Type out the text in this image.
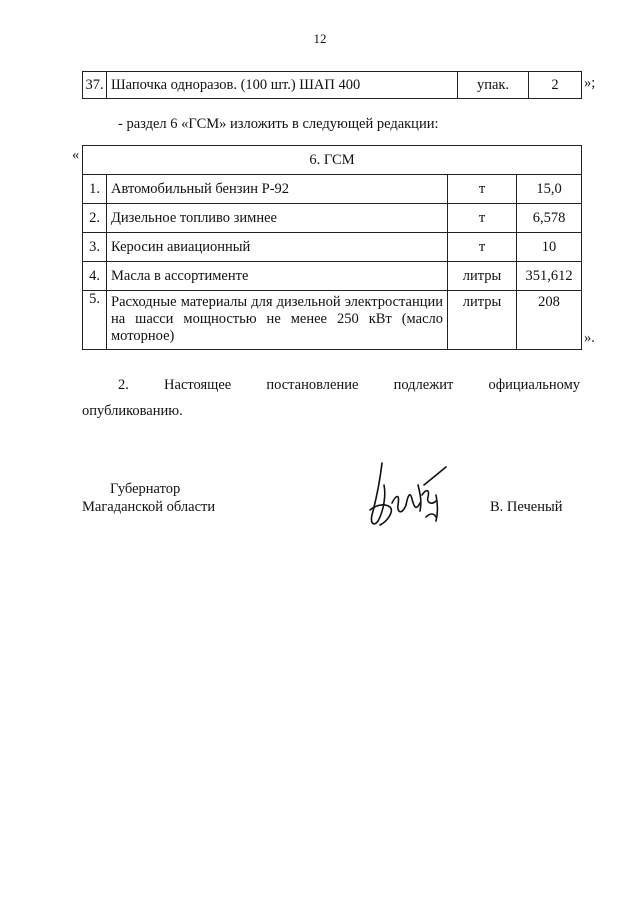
12
37.	Шапочка одноразов. (100 шт.) ШАП 400	упак.	2 »;
- раздел 6 «ГСМ» изложить в следующей редакции:
«	6. ГСМ			
1.	Автомобильный бензин Р-92	т	15,0
2.	Дизельное топливо зимнее	т	6,578
3.	Керосин авиационный	т	10
4.	Масла в ассортименте	литры	351,612
5.	Расходные материалы для дизельной электростанции на шасси мощностью не менее 250 кВт (масло моторное)	литры	208
».
2. Настоящее постановление подлежит официальному
опубликованию.
Губернатор
Магаданской области	В. Печеный
